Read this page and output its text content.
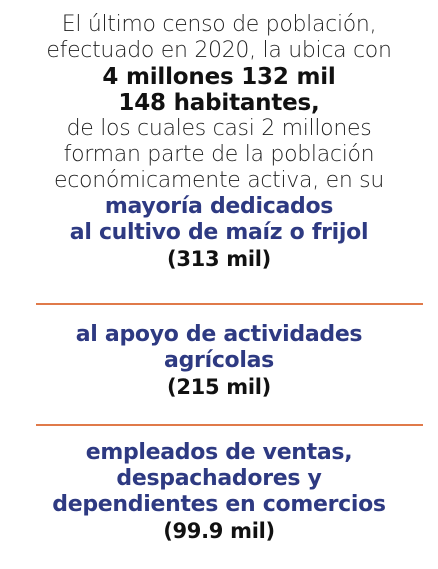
El último censo de población,
efectuado en 2020, la ubica con
4 millones 132 mil
148 habitantes,
de los cuales casi 2 millones
forman parte de la población
económicamente activa, en su
mayoría dedicados
al cultivo de maíz o frijol
(313 mil)
al apoyo de actividades
agrícolas
(215 mil)
empleados de ventas,
despachadores y
dependientes en comercios
(99.9 mil)
